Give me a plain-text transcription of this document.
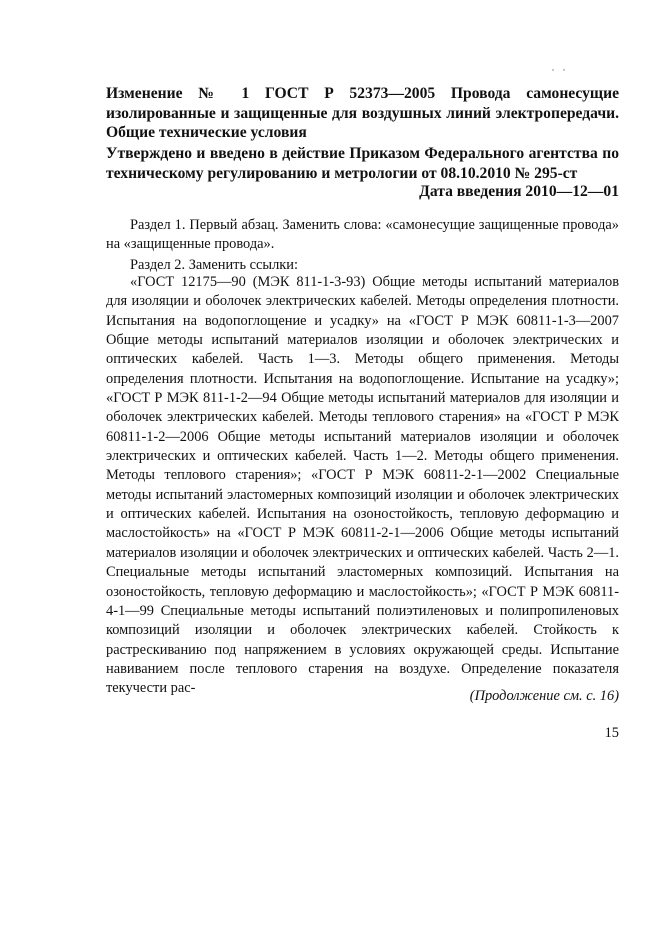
˙ ˙
Изменение № 1 ГОСТ Р 52373—2005 Провода самонесущие изолированные и защищенные для воздушных линий электропередачи. Общие технические условия
Утверждено и введено в действие Приказом Федерального агентства по техническому регулированию и метрологии от 08.10.2010 № 295-ст
Дата введения 2010—12—01

Раздел 1. Первый абзац. Заменить слова: «самонесущие защищенные провода» на «защищенные провода».

Раздел 2. Заменить ссылки:

«ГОСТ 12175—90 (МЭК 811-1-3-93) Общие методы испытаний материалов для изоляции и оболочек электрических кабелей. Методы определения плотности. Испытания на водопоглощение и усадку» на «ГОСТ Р МЭК 60811-1-3—2007 Общие методы испытаний материалов изоляции и оболочек электрических и оптических кабелей. Часть 1—3. Методы общего применения. Методы определения плотности. Испытания на водопоглощение. Испытание на усадку»; «ГОСТ Р МЭК 811-1-2—94 Общие методы испытаний материалов для изоляции и оболочек электрических кабелей. Методы теплового старения» на «ГОСТ Р МЭК 60811-1-2—2006 Общие методы испытаний материалов изоляции и оболочек электрических и оптических кабелей. Часть 1—2. Методы общего применения. Методы теплового старения»; «ГОСТ Р МЭК 60811-2-1—2002 Специальные методы испытаний эластомерных композиций изоляции и оболочек электрических и оптических кабелей. Испытания на озоностойкость, тепловую деформацию и маслостойкость» на «ГОСТ Р МЭК 60811-2-1—2006 Общие методы испытаний материалов изоляции и оболочек электрических и оптических кабелей. Часть 2—1. Специальные методы испытаний эластомерных композиций. Испытания на озоностойкость, тепловую деформацию и маслостойкость»; «ГОСТ Р МЭК 60811-4-1—99 Специальные методы испытаний полиэтиленовых и полипропиленовых композиций изоляции и оболочек электрических кабелей. Стойкость к растрескиванию под напряжением в условиях окружающей среды. Испытание навиванием после теплового старения на воздухе. Определение показателя текучести рас-	(Продолжение см. с. 16)
15
